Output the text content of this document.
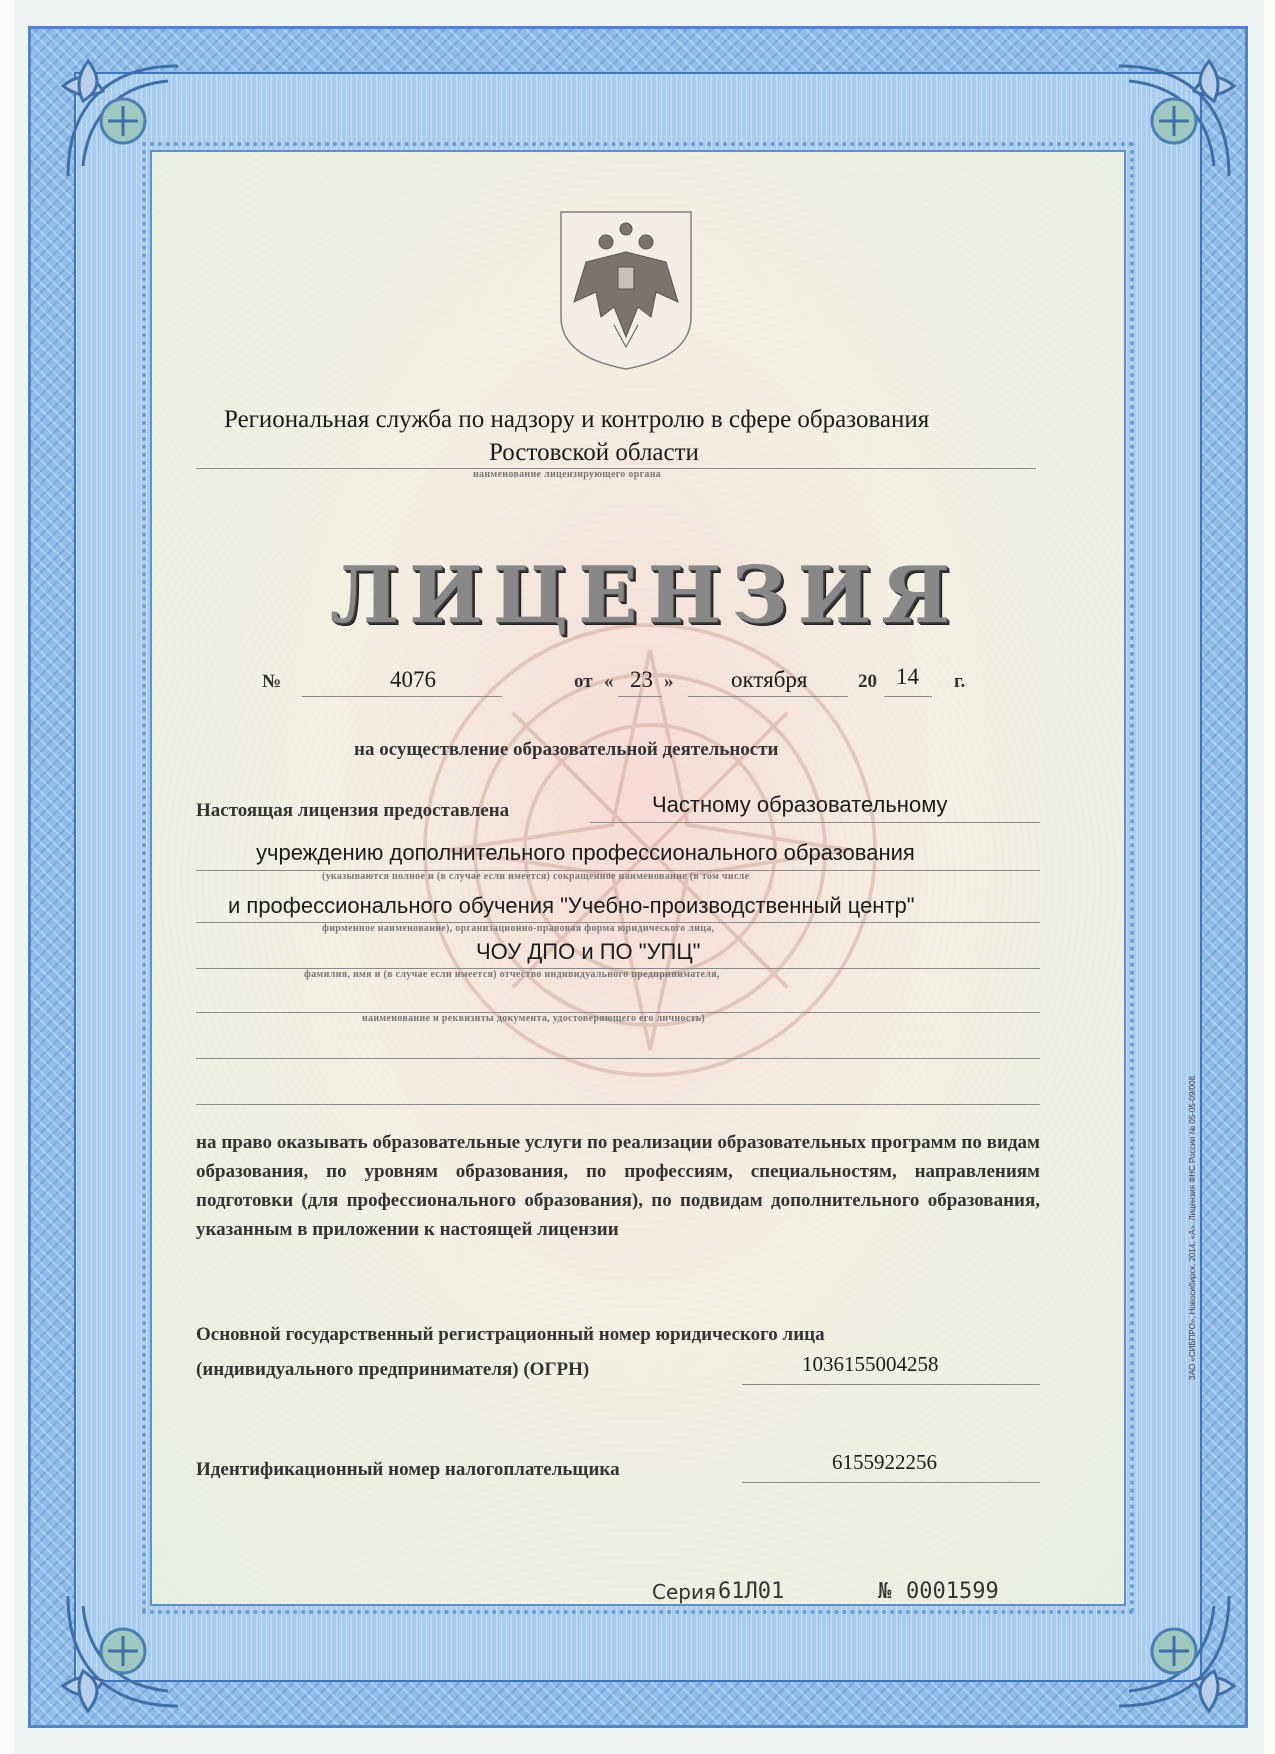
Региональная служба по надзору и контролю в сфере образования
Ростовской области
наименование лицензирующего органа
ЛИЦЕНЗИЯ
№	4076	от « 23 »	октября	20 14 г.
на осуществление образовательной деятельности
Настоящая лицензия предоставлена	Частному образовательному
учреждению дополнительного профессионального образования
(указываются полное и (в случае если имеется) сокращенное наименование (в том числе
и профессионального обучения "Учебно-производственный центр"
фирменное наименование), организационно-правовая форма юридического лица,
ЧОУ ДПО и ПО "УПЦ"
фамилия, имя и (в случае если имеется) отчество индивидуального предпринимателя,
наименование и реквизиты документа, удостоверяющего его личность)
на право оказывать образовательные услуги по реализации образовательных программ по видам образования, по уровням образования, по профессиям, специальностям, направлениям подготовки (для профессионального образования), по подвидам дополнительного образования, указанным в приложении к настоящей лицензии
Основной государственный регистрационный номер юридического лица
(индивидуального предпринимателя) (ОГРН)	1036155004258
Идентификационный номер налогоплательщика	6155922256
Серия 61Л01	№ 0001599
ЗАО «СИБПРО», Новосибирск, 2014, «А». Лицензия ФНС России № 05-05-09/008.
